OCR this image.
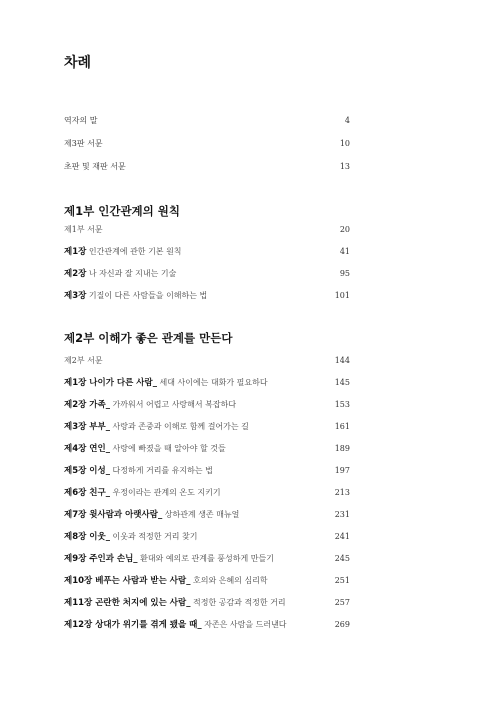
차례
역자의 말	4
제3판 서문	10
초판 및 재판 서문	13
제1부 인간관계의 원칙
제1부 서문	20
제1장 인간관계에 관한 기본 원칙	41
제2장 나 자신과 잘 지내는 기술	95
제3장 기질이 다른 사람들을 이해하는 법	101
제2부 이해가 좋은 관계를 만든다
제2부 서문	144
제1장 나이가 다른 사람_ 세대 사이에는 대화가 필요하다	145
제2장 가족_ 가까워서 어렵고 사랑해서 복잡하다	153
제3장 부부_ 사랑과 존중과 이해로 함께 걸어가는 길	161
제4장 연인_ 사랑에 빠졌을 때 알아야 할 것들	189
제5장 이성_ 다정하게 거리를 유지하는 법	197
제6장 친구_ 우정이라는 관계의 온도 지키기	213
제7장 윗사람과 아랫사람_ 상하관계 생존 매뉴얼	231
제8장 이웃_ 이웃과 적정한 거리 찾기	241
제9장 주인과 손님_ 환대와 예의로 관계를 풍성하게 만들기	245
제10장 베푸는 사람과 받는 사람_ 호의와 은혜의 심리학	251
제11장 곤란한 처지에 있는 사람_ 적정한 공감과 적정한 거리	257
제12장 상대가 위기를 겪게 됐을 때_ 자존은 사람을 드러낸다	269
